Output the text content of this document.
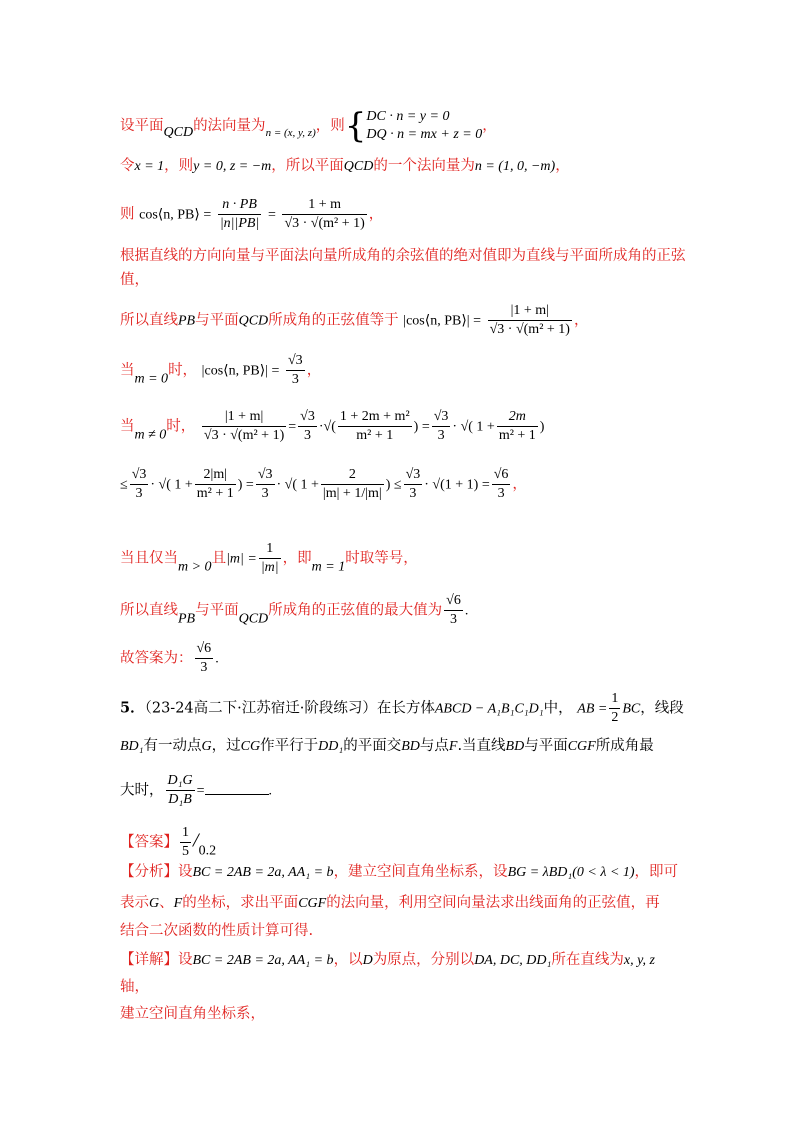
设平面QCD的法向量为$_{n = (x, y, z)}$，则{ DC · n = y = 0
DQ · n = mx + z = 0
，
令x = 1，则y = 0, z = −m，所以平面QCD的一个法向量为n = (1, 0, −m)，
则 cos⟨n, PB⟩ = $\frac{n \cdot PB}{|n||PB|} = \frac{1 + m}{\text{√3 · √(m² + 1)}}$ ，
根据直线的方向向量与平面法向量所成角的余弦值的绝对值即为直线与平面所成角的正弦
值，
所以直线PB与平面QCD所成角的正弦值等于 |cos⟨n, PB⟩| = $\frac{|1 + m|}{\text{√3 · √(m² + 1)}}$ ，
当m = 0时， |cos⟨n, PB⟩| = $\frac{√3}{3}$ ，
当m ≠ 0时， $\frac{|1 + m|}{\text{√3 · √(m² + 1)}} = \frac{√3}{3}$ ·√( $\frac{\text{1 + 2m + m²}}{\text{m² + 1}}$ ) = $\frac{√3}{3}$ · √( $1 + \frac{2m}{\text{m² + 1}}$ )
≤ $\frac{√3}{3}$ · √( $1 + \frac{2|m|}{\text{m² + 1}}$ ) = $\frac{√3}{3}$ · √( $1 + \frac{2}{|m| + 1/|m|}$ ) ≤ $\frac{√3}{3} \cdot √(1 + 1) = \frac{√6}{3}$ ，
当且仅当m > 0且$|m| = \frac{1}{|m|}$ ，即m = 1时取等号，
所以直线PB与平面QCD所成角的正弦值的最大值为 $\frac{√6}{3}$ .
故答案为： $\frac{√6}{3}$ .
5．（23-24高二下·江苏宿迁·阶段练习）在长方体ABCD − A₁B₁C₁D₁中， AB = $\frac{1}{2}$ BC，线段
BD₁有一动点G，过CG作平行于DD₁的平面交BD与点F.当直线BD与平面CGF所成角最
大时， $\frac{\text{D₁G}}{\text{D₁B}}$ =	.
【答案】 $\frac{1}{5} /0.2$
【分析】设BC = 2AB = 2a, AA₁ = b，建立空间直角坐标系，设BG = λBD₁(0 < λ < 1)，即可
表示G、F的坐标，求出平面CGF的法向量，利用空间向量法求出线面角的正弦值，再
结合二次函数的性质计算可得.
【详解】设BC = 2AB = 2a, AA₁ = b，以D为原点，分别以DA, DC, DD₁所在直线为x, y, z
轴，
建立空间直角坐标系，
